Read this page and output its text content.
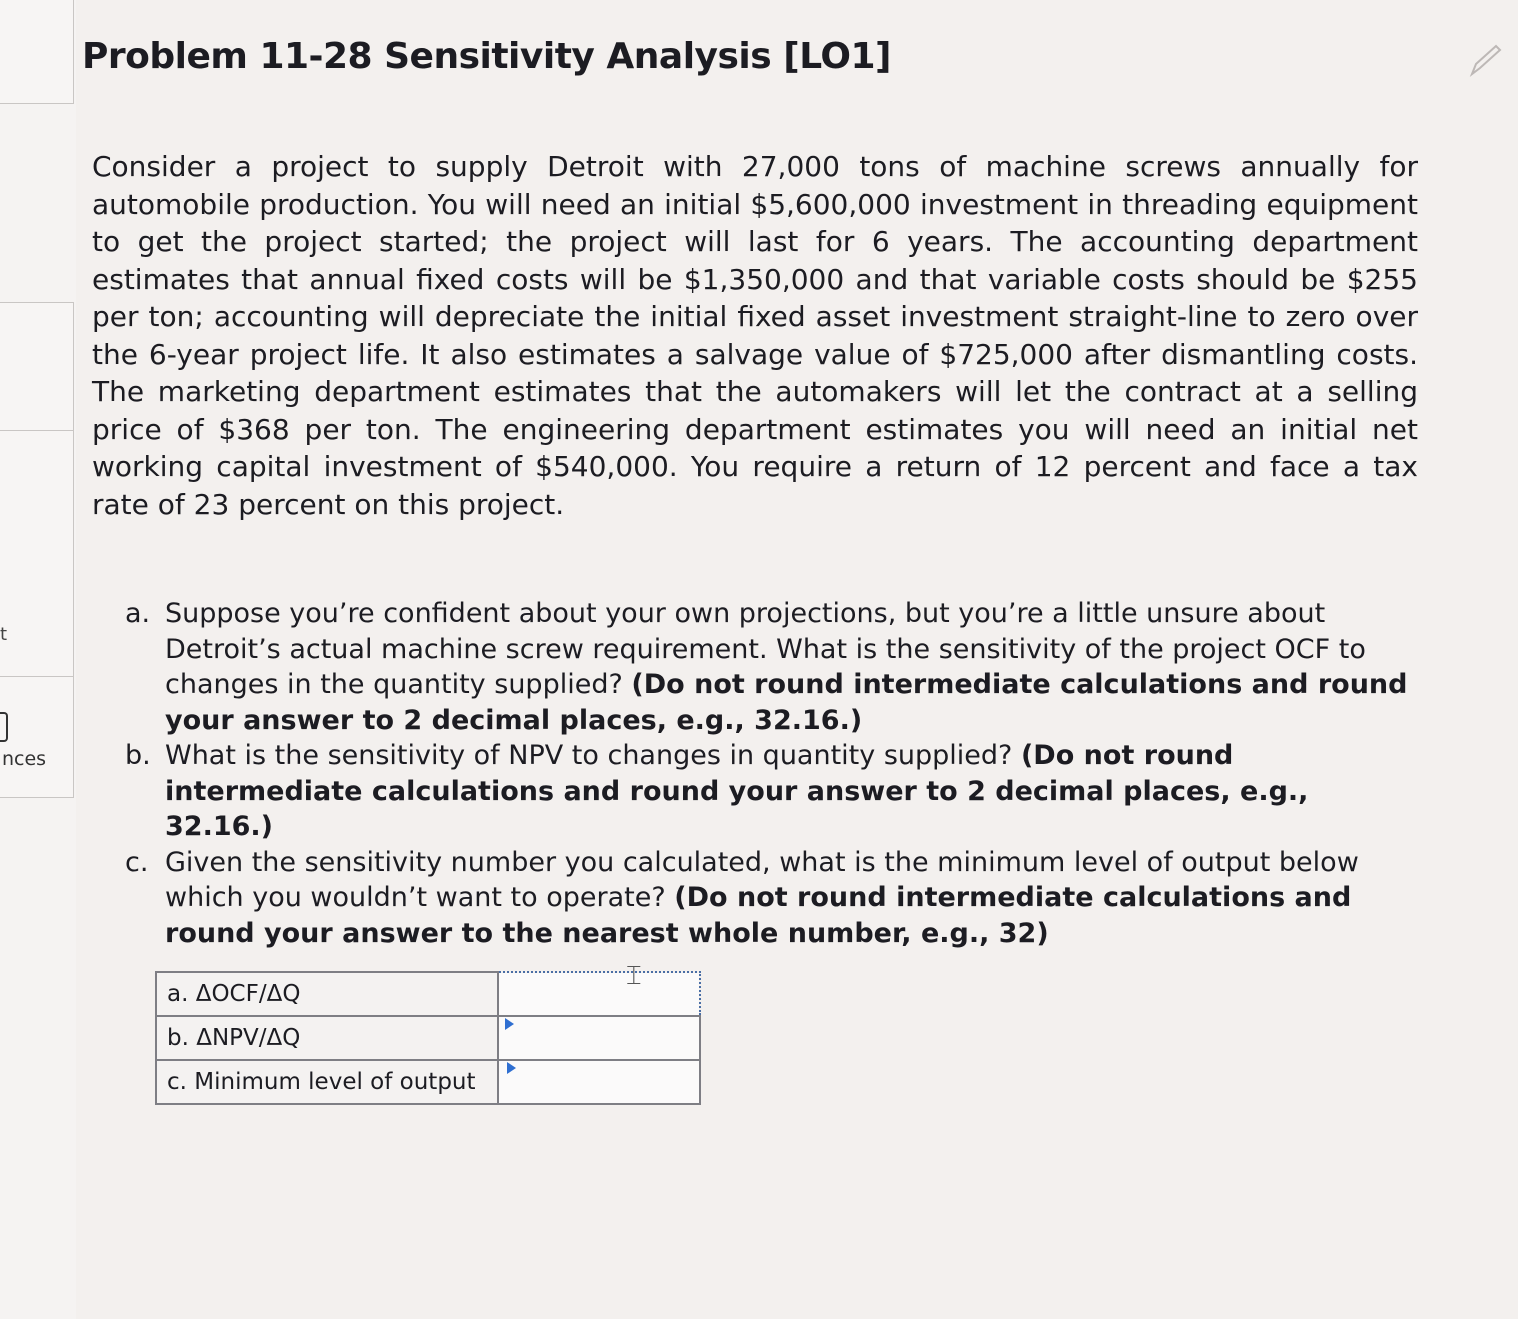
t
nces
Problem 11-28 Sensitivity Analysis [LO1]

Consider a project to supply Detroit with 27,000 tons of machine screws annually for automobile production. You will need an initial $5,600,000 investment in threading equipment to get the project started; the project will last for 6 years. The accounting department estimates that annual fixed costs will be $1,350,000 and that variable costs should be $255 per ton; accounting will depreciate the initial fixed asset investment straight-line to zero over the 6-year project life. It also estimates a salvage value of $725,000 after dismantling costs. The marketing department estimates that the automakers will let the contract at a selling price of $368 per ton. The engineering department estimates you will need an initial net working capital investment of $540,000. You require a return of 12 percent and face a tax rate of 23 percent on this project.

a. Suppose you’re confident about your own projections, but you’re a little unsure about Detroit’s actual machine screw requirement. What is the sensitivity of the project OCF to changes in the quantity supplied? (Do not round intermediate calculations and round your answer to 2 decimal places, e.g., 32.16.)
b. What is the sensitivity of NPV to changes in quantity supplied? (Do not round intermediate calculations and round your answer to 2 decimal places, e.g., 32.16.)
c. Given the sensitivity number you calculated, what is the minimum level of output below which you wouldn’t want to operate? (Do not round intermediate calculations and round your answer to the nearest whole number, e.g., 32)
a. ΔOCF/ΔQ	
b. ΔNPV/ΔQ	
c. Minimum level of output	
⌶
